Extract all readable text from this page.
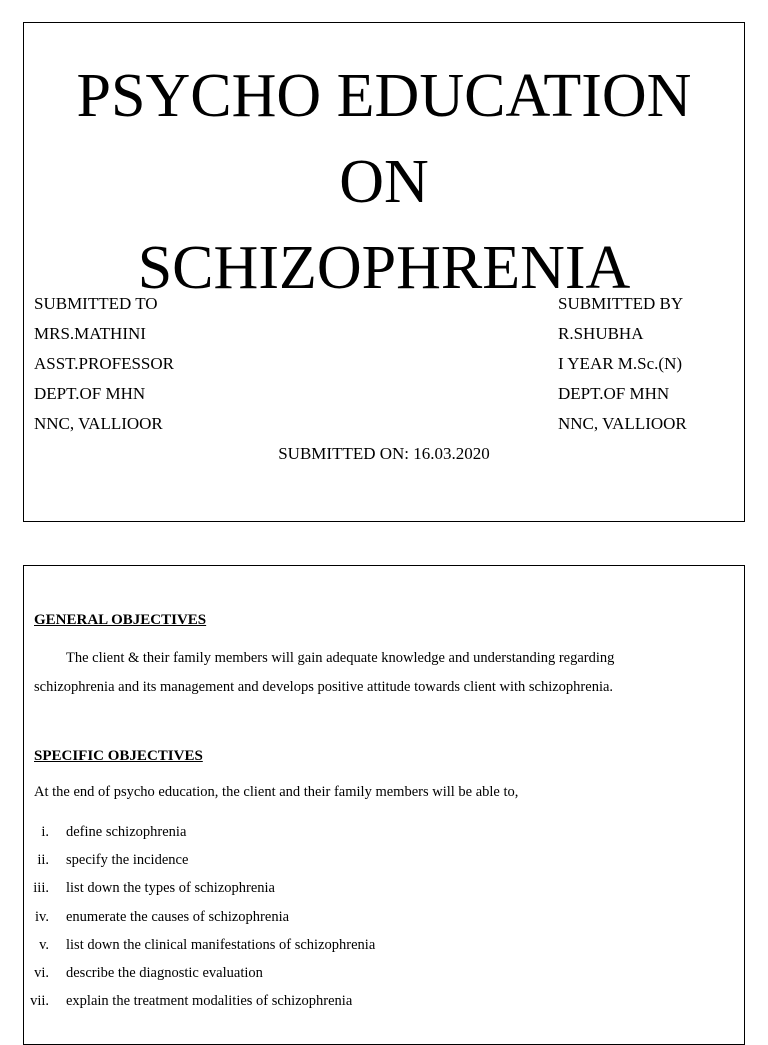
PSYCHO EDUCATION
ON
SCHIZOPHRENIA
SUBMITTED TO
MRS.MATHINI
ASST.PROFESSOR
DEPT.OF MHN
NNC, VALLIOOR
SUBMITTED BY
R.SHUBHA
I YEAR M.Sc.(N)
DEPT.OF MHN
NNC, VALLIOOR
SUBMITTED ON: 16.03.2020
GENERAL OBJECTIVES
The client & their family members will gain adequate knowledge and understanding regarding
schizophrenia and its management and develops positive attitude towards client with schizophrenia.
SPECIFIC OBJECTIVES
At the end of psycho education, the client and their family members will be able to,
i.	define schizophrenia
ii.	specify the incidence
iii.	list down the types of schizophrenia
iv.	enumerate the causes of schizophrenia
v.	list down the clinical manifestations of schizophrenia
vi.	describe the diagnostic evaluation
vii.	explain the treatment modalities of schizophrenia
